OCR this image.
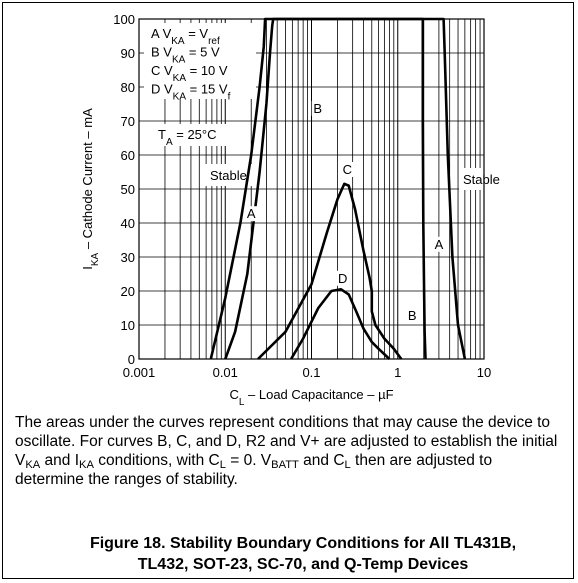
0
10
20
30
40
50
60
70
80
90
100
0.001	0.01	0.1	1	10
$C_L$ – Load Capacitance – µF
$I_{KA}$ – Cathode Current – mA
A $V_{KA} = V_{ref}$
B $V_{KA} = 5$ V
C $V_{KA} = 10$ V
D $V_{KA} = 15$ $V_f$
$T_A = 25^\circ C$
Stable	Stable
A
A
B
B
C
D

The areas under the curves represent conditions that may cause the device to oscillate. For curves B, C, and D, R2 and V+ are adjusted to establish the initial $V_{KA}$ and $I_{KA}$ conditions, with $C_L = 0$. $V_{BATT}$ and $C_L$ then are adjusted to determine the ranges of stability.

Figure 18. Stability Boundary Conditions for All TL431B,
TL432, SOT-23, SC-70, and Q-Temp Devices
